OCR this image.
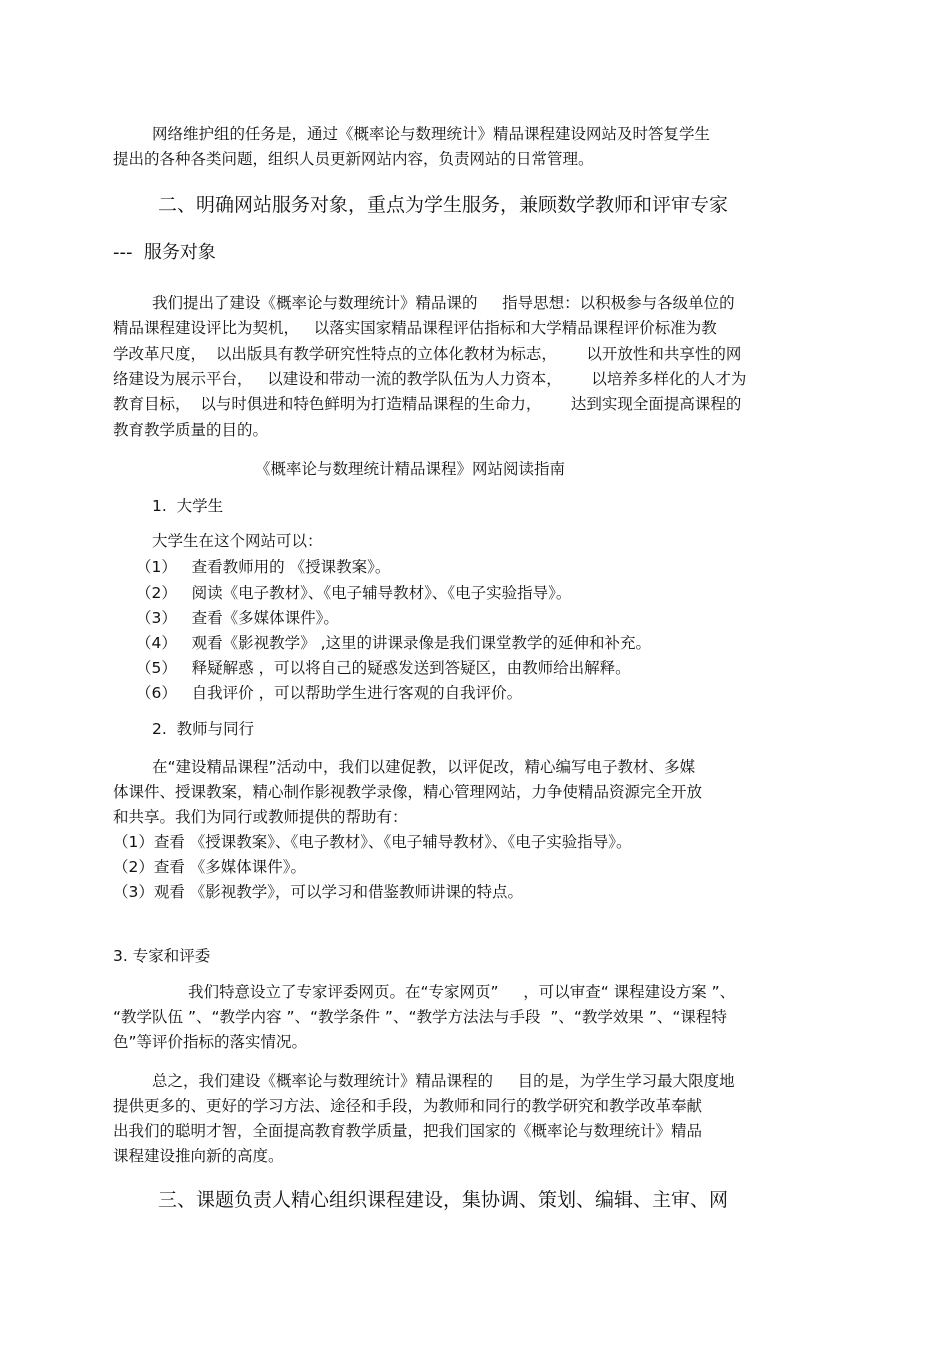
网络维护组的任务是，通过《概率论与数理统计》精品课程建设网站及时答复学生
提出的各种各类问题，组织人员更新网站内容，负责网站的日常管理。
二、明确网站服务对象，重点为学生服务，兼顾数学教师和评审专家
---  服务对象
我们提出了建设《概率论与数理统计》精品课的     指导思想：以积极参与各级单位的
精品课程建设评比为契机，   以落实国家精品课程评估指标和大学精品课程评价标准为教
学改革尺度，  以出版具有教学研究性特点的立体化教材为标志，      以开放性和共享性的网
络建设为展示平台，   以建设和带动一流的教学队伍为人力资本，      以培养多样化的人才为
教育目标，  以与时俱进和特色鲜明为打造精品课程的生命力，      达到实现全面提高课程的
教育教学质量的目的。
《概率论与数理统计精品课程》网站阅读指南
1.  大学生
大学生在这个网站可以：
（1）   查看教师用的 《授课教案》。
（2）   阅读《电子教材》、《电子辅导教材》、《电子实验指导》。
（3）   查看《多媒体课件》。
（4）   观看《影视教学》 ,这里的讲课录像是我们课堂教学的延伸和补充。
（5）   释疑解惑 ，可以将自己的疑惑发送到答疑区，由教师给出解释。
（6）   自我评价 ，可以帮助学生进行客观的自我评价。
2.  教师与同行
在“建设精品课程”活动中，我们以建促教，以评促改，精心编写电子教材、多媒
体课件、授课教案，精心制作影视教学录像，精心管理网站，力争使精品资源完全开放
和共享。我们为同行或教师提供的帮助有：
（1）查看 《授课教案》、《电子教材》、《电子辅导教材》、《电子实验指导》。
（2）查看 《多媒体课件》。
（3）观看 《影视教学》，可以学习和借鉴教师讲课的特点。
3. 专家和评委
我们特意设立了专家评委网页。在“专家网页”     ，可以审查“ 课程建设方案 ”、
“教学队伍 ”、“教学内容 ”、“教学条件 ”、“教学方法法与手段  ”、“教学效果 ”、“课程特
色”等评价指标的落实情况。
总之，我们建设《概率论与数理统计》精品课程的     目的是，为学生学习最大限度地
提供更多的、更好的学习方法、途径和手段，为教师和同行的教学研究和教学改革奉献
出我们的聪明才智，全面提高教育教学质量，把我们国家的《概率论与数理统计》精品
课程建设推向新的高度。
三、课题负责人精心组织课程建设，集协调、策划、编辑、主审、网
